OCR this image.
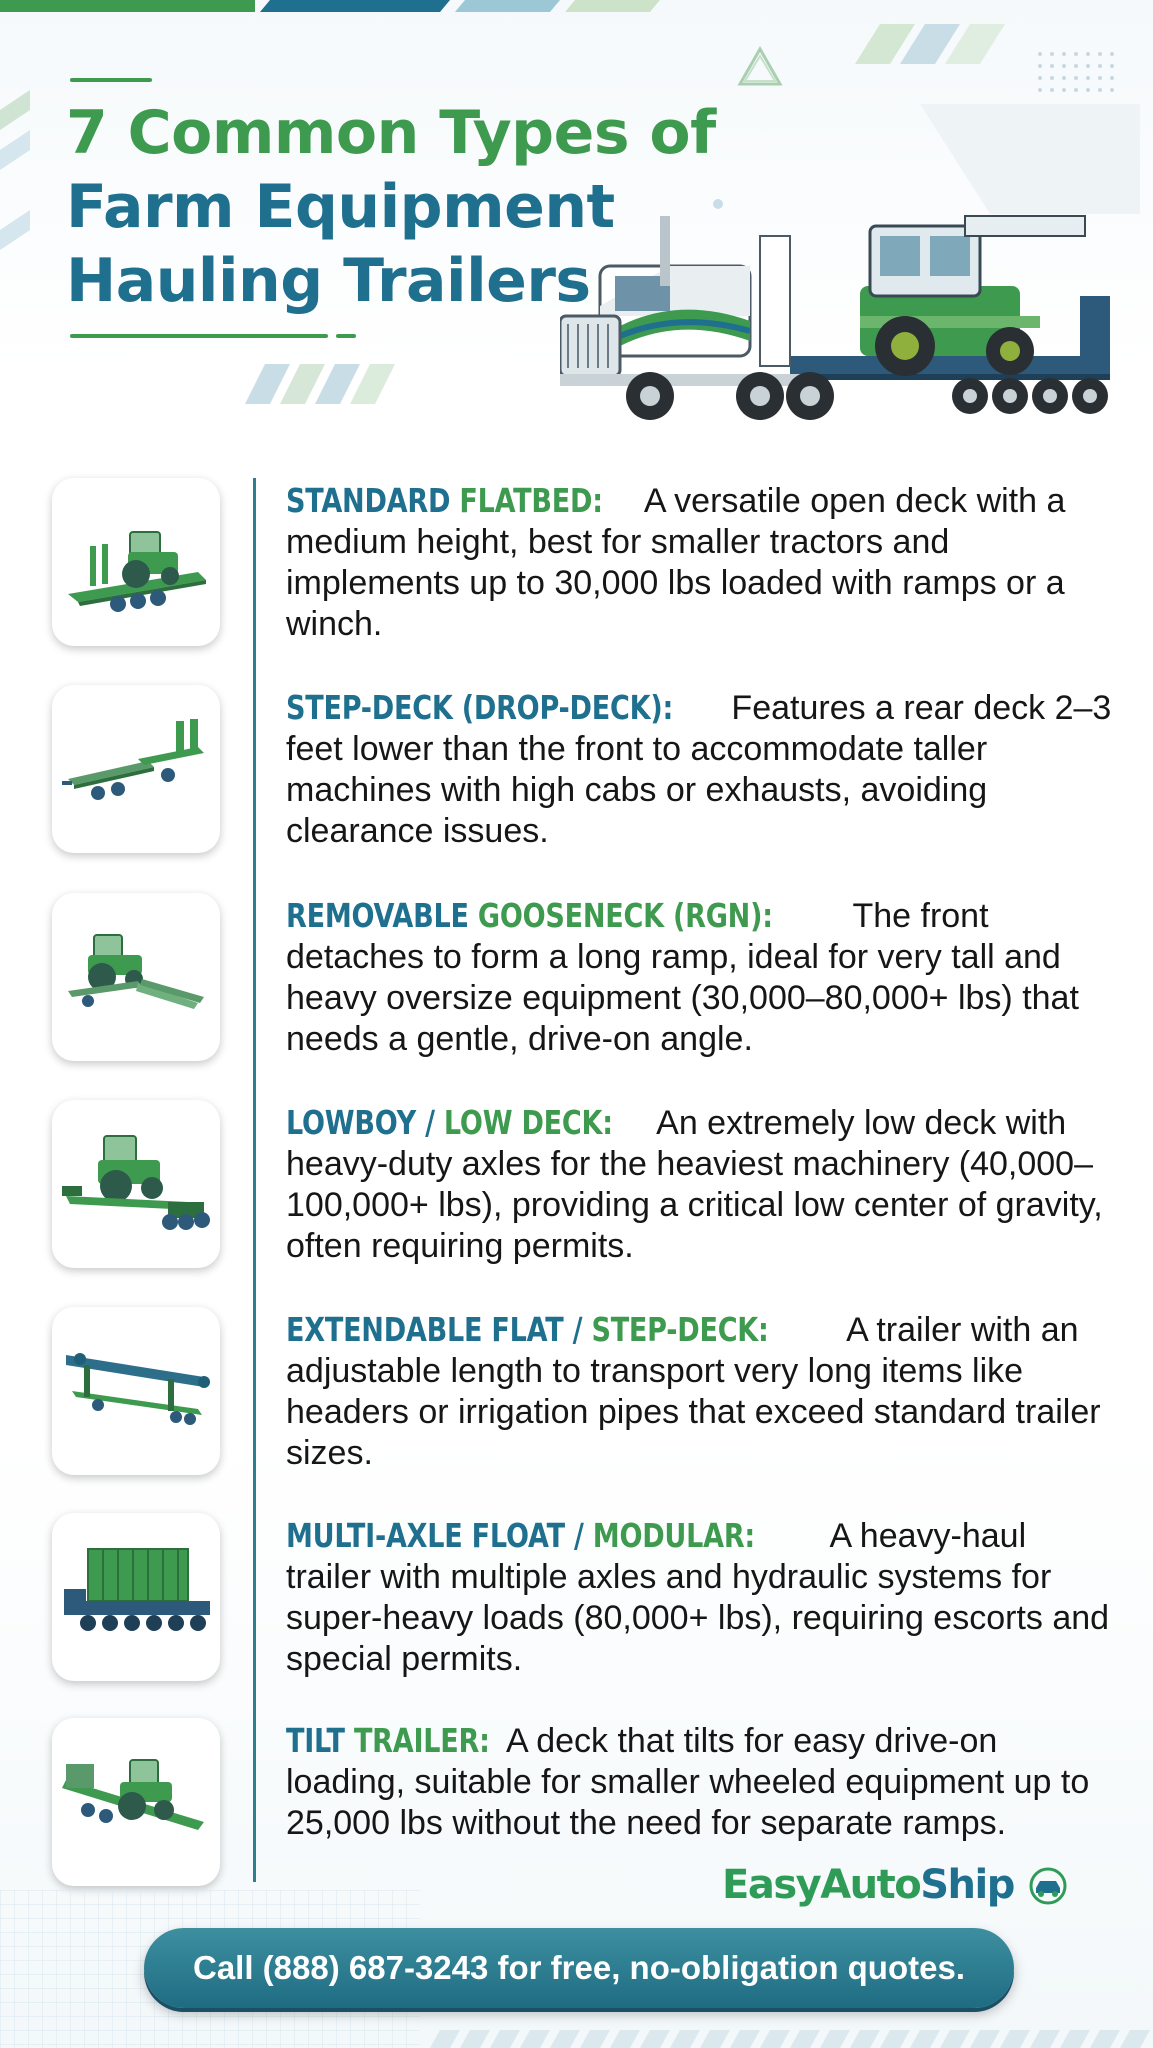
7 Common Types of
Farm Equipment
Hauling Trailers

STANDARD FLATBED: A versatile open deck with a medium height, best for smaller tractors and implements up to 30,000 lbs loaded with ramps or a winch.

STEP-DECK (DROP-DECK): Features a rear deck 2–3 feet lower than the front to accommodate taller machines with high cabs or exhausts, avoiding clearance issues.

REMOVABLE GOOSENECK (RGN): The front detaches to form a long ramp, ideal for very tall and heavy oversize equipment (30,000–80,000+ lbs) that needs a gentle, drive-on angle.

LOWBOY / LOW DECK: An extremely low deck with heavy-duty axles for the heaviest machinery (40,000–100,000+ lbs), providing a critical low center of gravity, often requiring permits.

EXTENDABLE FLAT / STEP-DECK: A trailer with an adjustable length to transport very long items like headers or irrigation pipes that exceed standard trailer sizes.

MULTI-AXLE FLOAT / MODULAR: A heavy-haul trailer with multiple axles and hydraulic systems for super-heavy loads (80,000+ lbs), requiring escorts and special permits.

TILT TRAILER: A deck that tilts for easy drive-on loading, suitable for smaller wheeled equipment up to 25,000 lbs without the need for separate ramps.

EasyAutoShip
Call (888) 687-3243 for free, no-obligation quotes.
